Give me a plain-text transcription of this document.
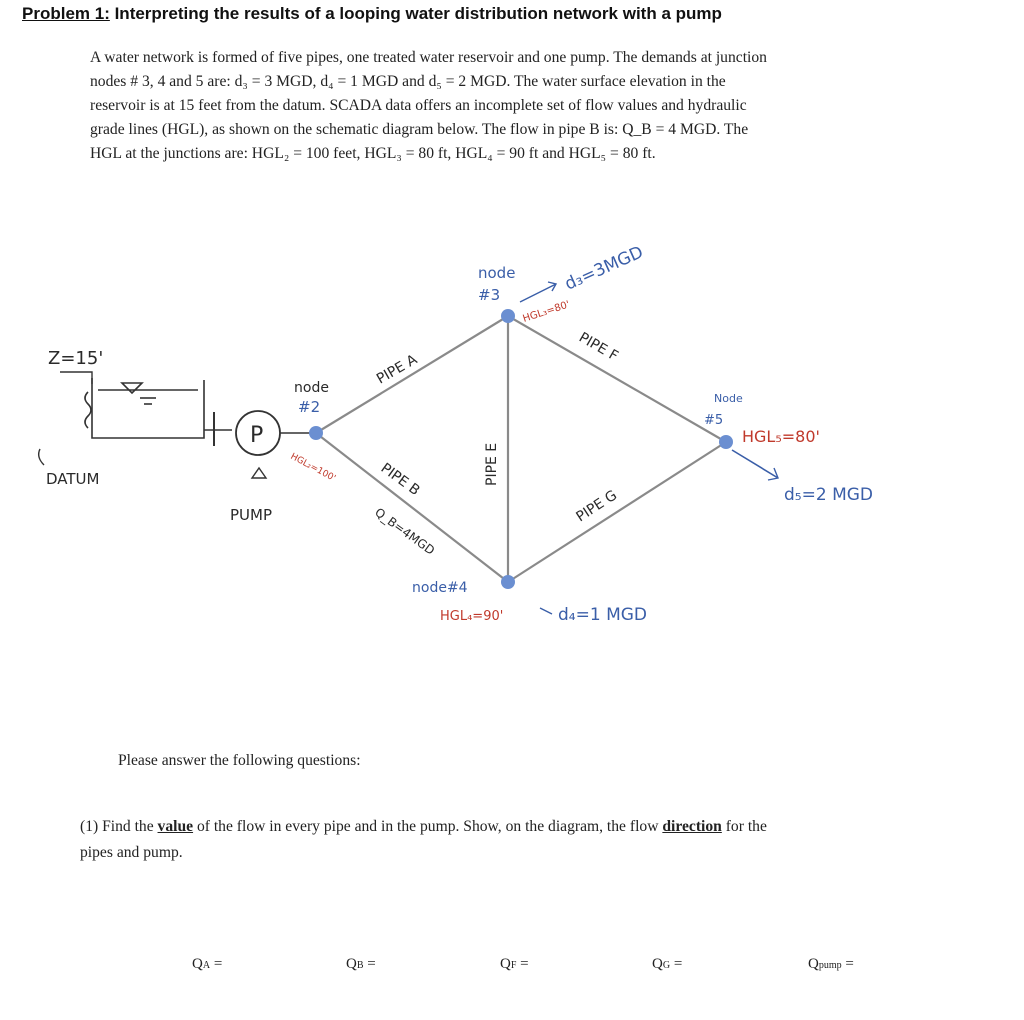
Problem 1: Interpreting the results of a looping water distribution network with a pump
A water network is formed of five pipes, one treated water reservoir and one pump. The demands at junction
nodes # 3, 4 and 5 are: d₃ = 3 MGD, d₄ = 1 MGD and d₅ = 2 MGD. The water surface elevation in the
reservoir is at 15 feet from the datum. SCADA data offers an incomplete set of flow values and hydraulic
grade lines (HGL), as shown on the schematic diagram below. The flow in pipe B is: Q_B = 4 MGD. The
HGL at the junctions are: HGL₂ = 100 feet, HGL₃ = 80 ft, HGL₄ = 90 ft and HGL₅ = 80 ft.
Z=15'
DATUM
P
PUMP
node
#2
HGL₂=100'
PIPE A
PIPE B
Q_B=4MGD
PIPE E
PIPE F
PIPE G
node
#3
d₃=3MGD
HGL₃=80'
node#4
HGL₄=90'	d₄=1 MGD
Node
#5
HGL₅=80'
d₅=2 MGD
Please answer the following questions:
(1) Find the value of the flow in every pipe and in the pump. Show, on the diagram, the flow direction for the
pipes and pump.
QA =	QB =	QF =	QG =	Qpump =
